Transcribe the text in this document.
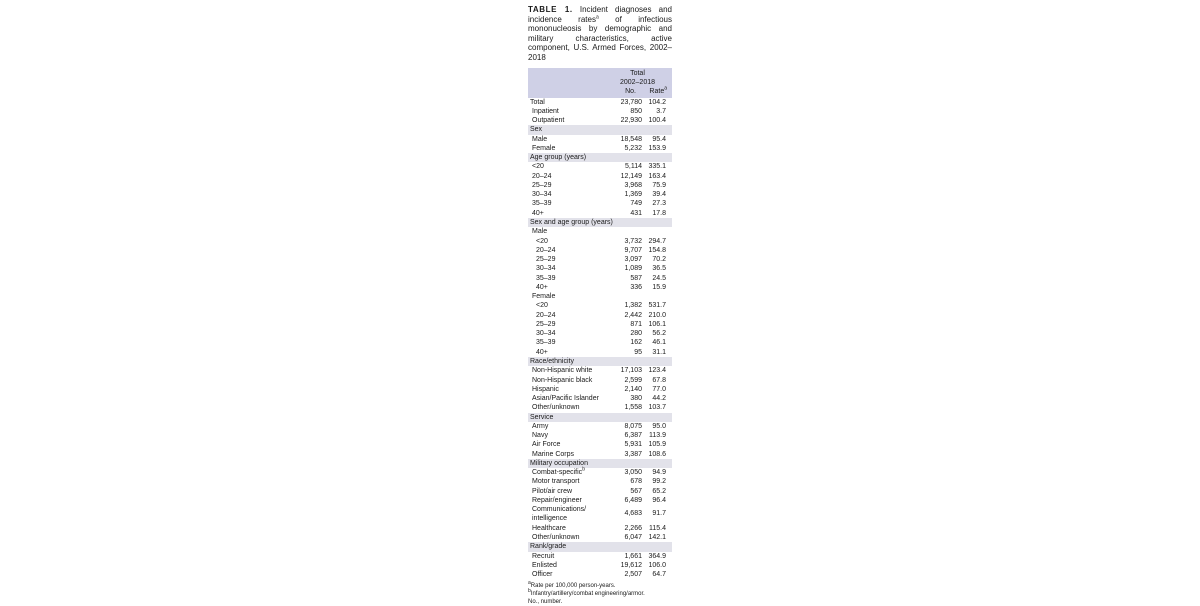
TABLE 1. Incident diagnoses and incidence rates$^a$ of infectious mononucleosis by demographic and military characteristics, active component, U.S. Armed Forces, 2002–2018

Total
2002–2018
No. Rate$^a$
Total	23,780 104.2
Inpatient	850 3.7
Outpatient	22,930 100.4
Sex
Male	18,548 95.4
Female	5,232 153.9
Age group (years)
<20	5,114 335.1
20–24	12,149 163.4
25–29	3,968 75.9
30–34	1,369 39.4
35–39	749 27.3
40+	431 17.8
Sex and age group (years)
Male
<20	3,732 294.7
20–24	9,707 154.8
25–29	3,097 70.2
30–34	1,089 36.5
35–39	587 24.5
40+	336 15.9
Female
<20	1,382 531.7
20–24	2,442 210.0
25–29	871 106.1
30–34	280 56.2
35–39	162 46.1
40+	95 31.1
Race/ethnicity
Non-Hispanic white	17,103 123.4
Non-Hispanic black	2,599 67.8
Hispanic	2,140 77.0
Asian/Pacific Islander	380 44.2
Other/unknown	1,558 103.7
Service
Army	8,075 95.0
Navy	6,387 113.9
Air Force	5,931 105.9
Marine Corps	3,387 108.6
Military occupation
Combat-specific$^b$	3,050 94.9
Motor transport	678 99.2
Pilot/air crew	567 65.2
Repair/engineer	6,489 96.4
Communications/
intelligence
4,683 91.7
Healthcare	2,266 115.4
Other/unknown	6,047 142.1
Rank/grade
Recruit	1,661 364.9
Enlisted	19,612 106.0
Officer	2,507 64.7
$^a$Rate per 100,000 person-years.
$^b$Infantry/artillery/combat engineering/armor.
No., number.
